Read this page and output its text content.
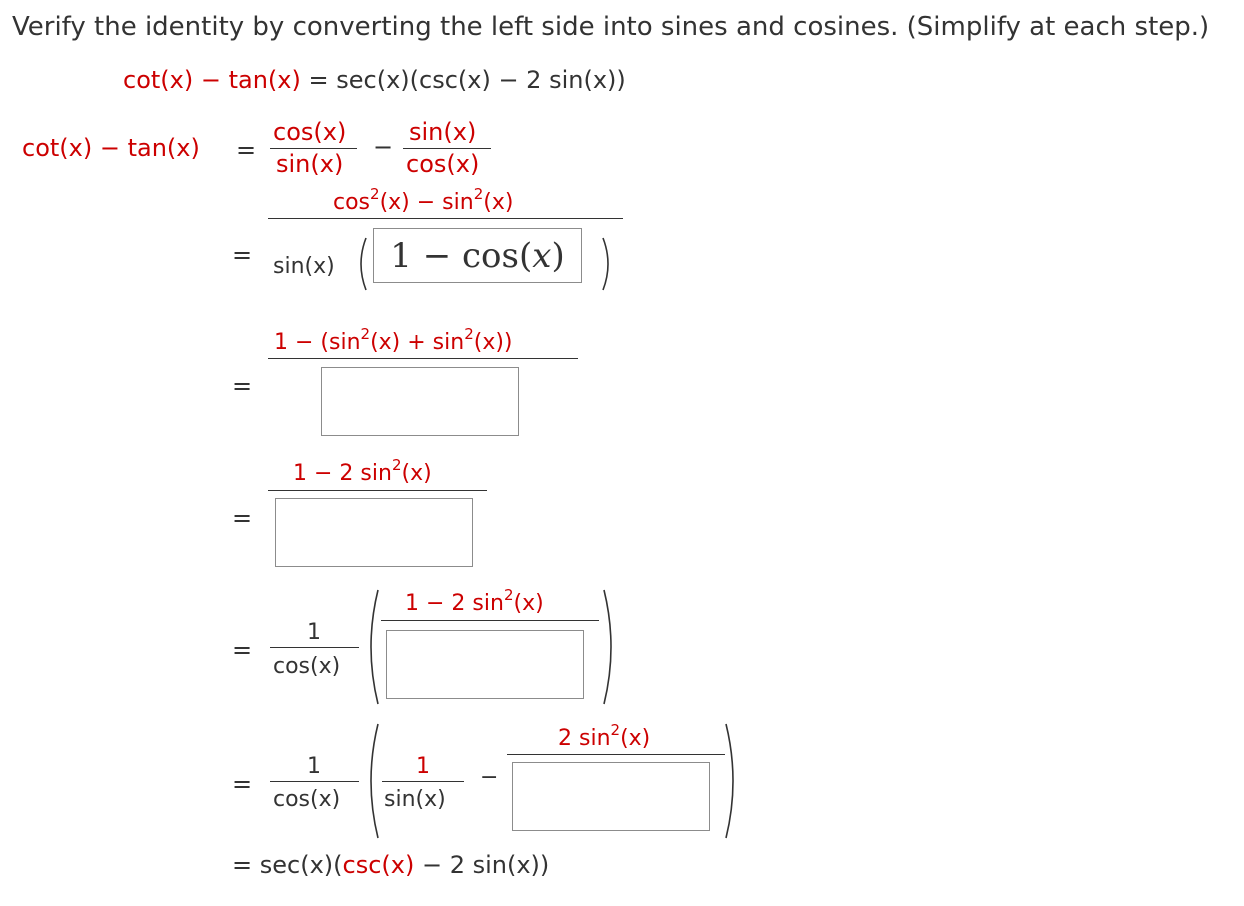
Verify the identity by converting the left side into sines and cosines. (Simplify at each step.)
cot(x) − tan(x) = sec(x)(csc(x) − 2 sin(x))
cot(x) − tan(x) =
cos(x)
sin(x)
−
sin(x)
cos(x)
$\cos^2(x) - \sin^2(x)$
= sin(x) 1 − cos( x )
$1 - (\sin^2(x) + \sin^2(x))$
=
1 − 2 $\sin^2(x)$
=
=
1
cos(x)
1 − 2 $\sin^2(x)$
=
1
cos(x)
1
sin(x)
−
2 $\sin^2(x)$
= sec(x)(csc(x) − 2 sin(x))
